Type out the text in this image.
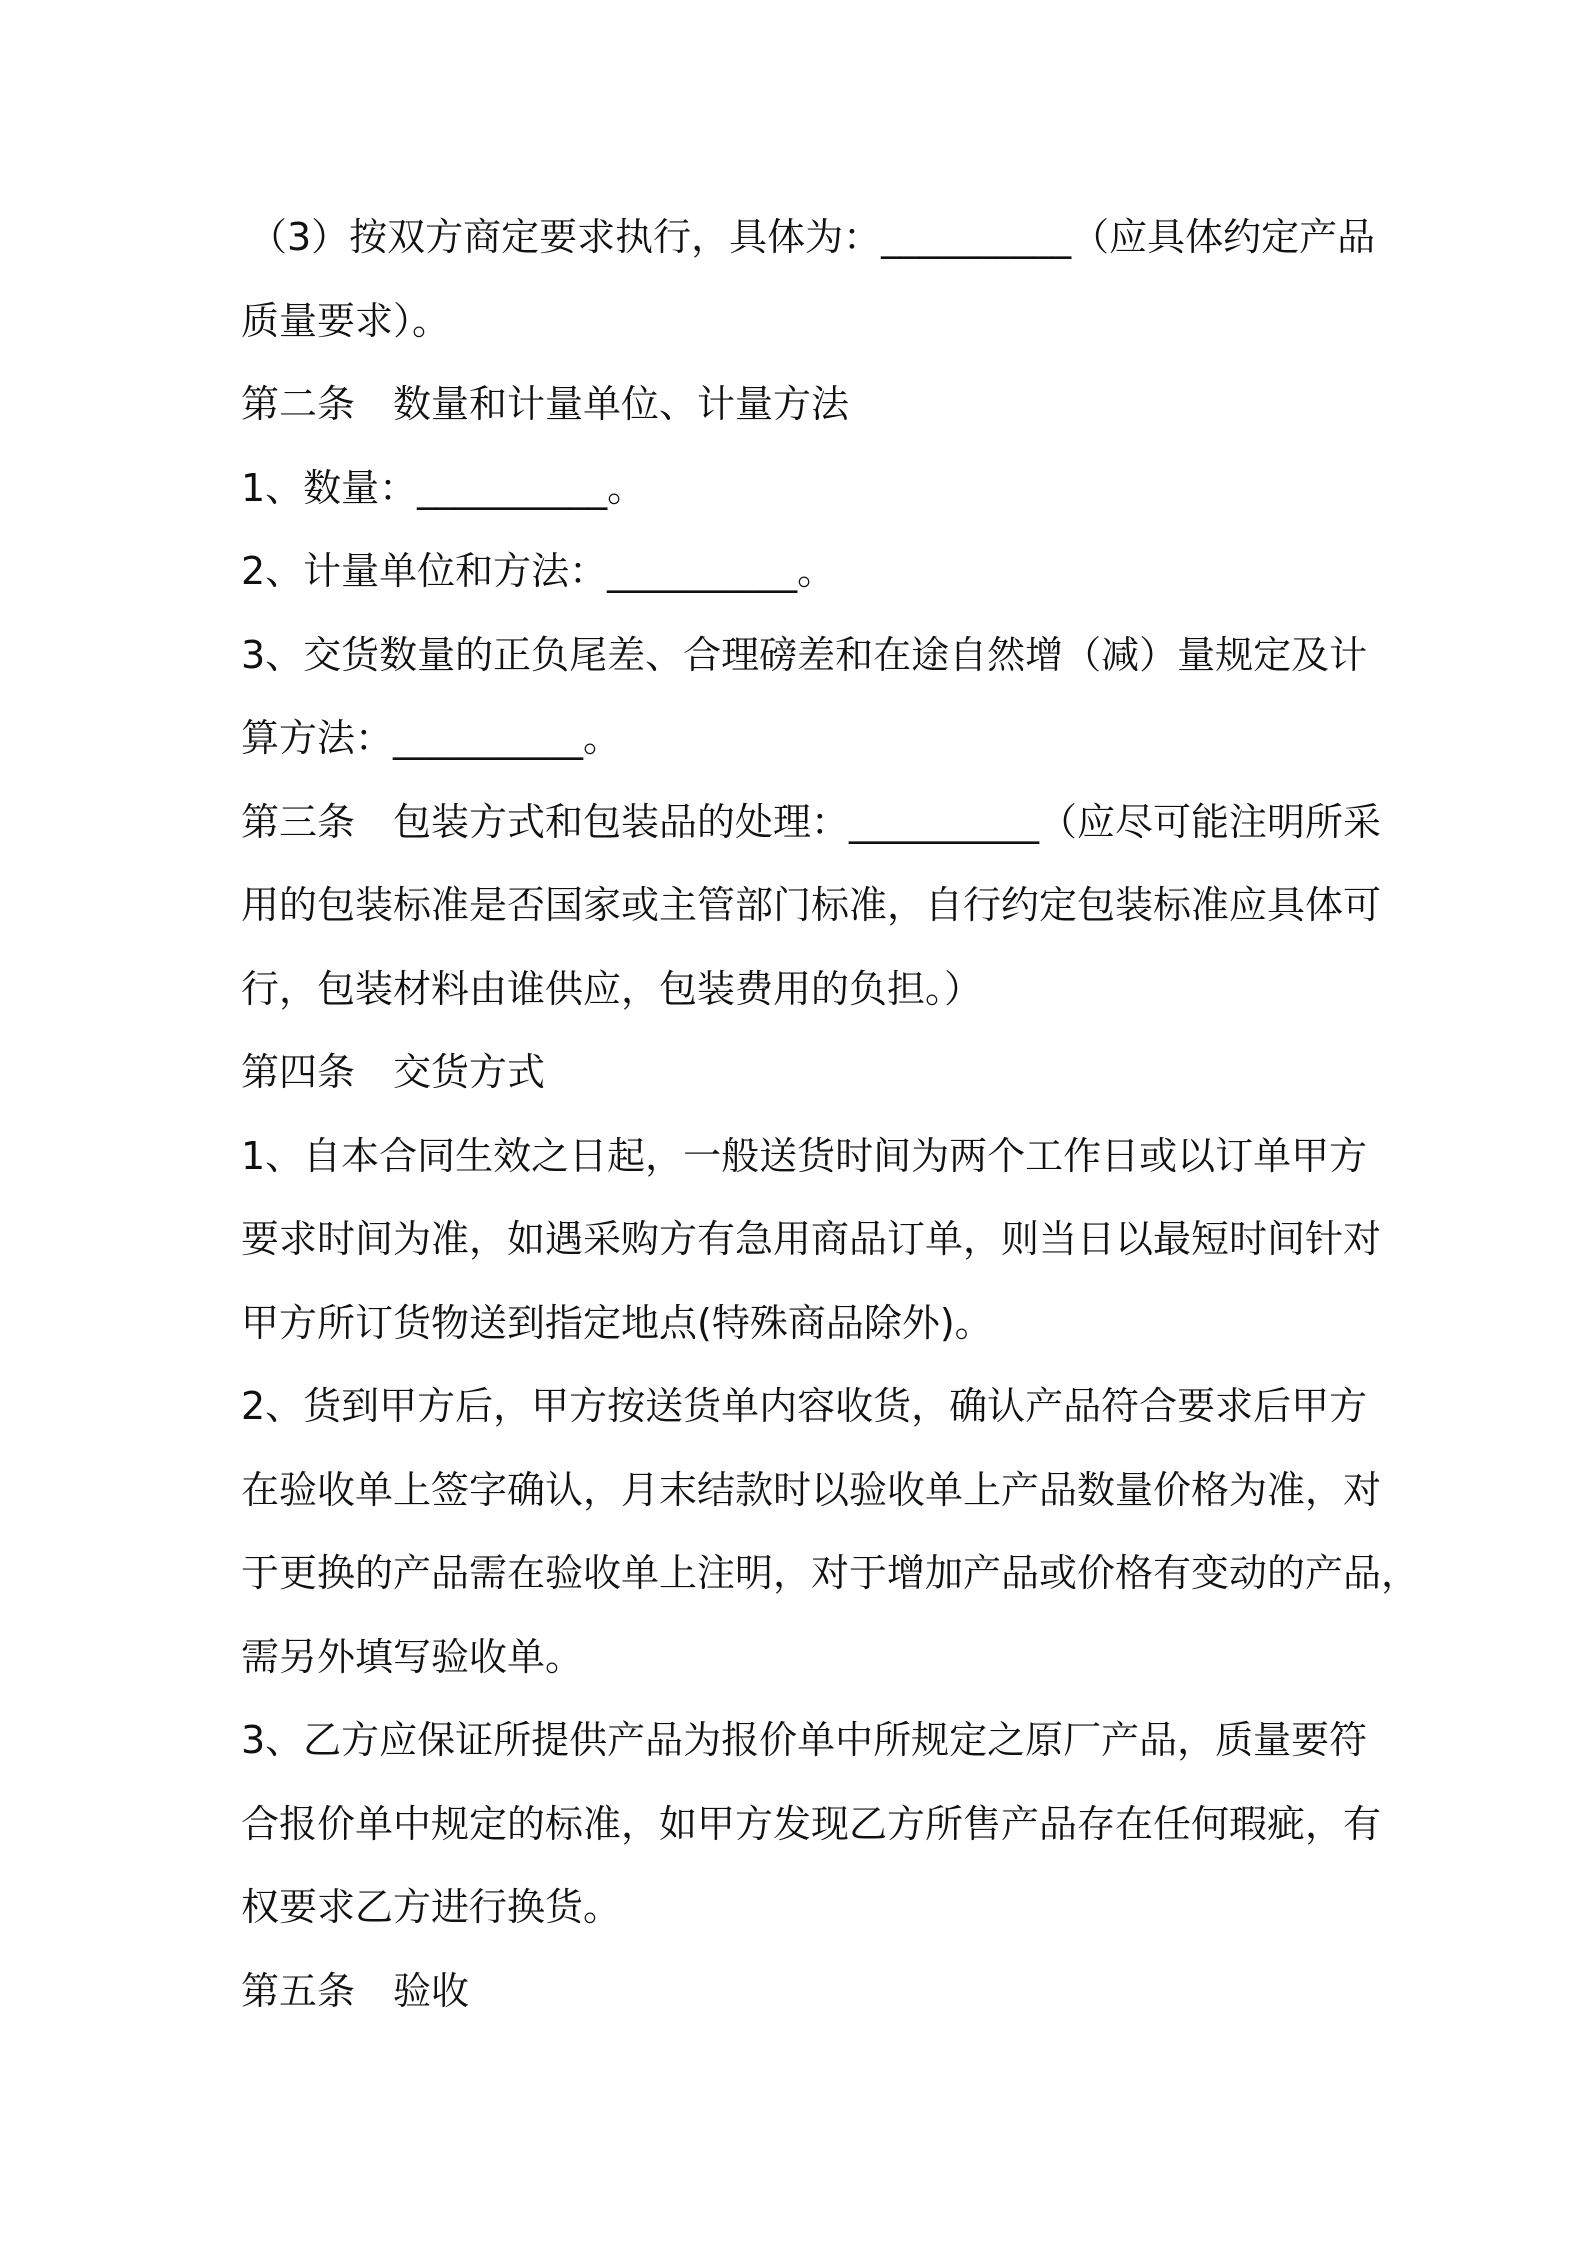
（3）按双方商定要求执行，具体为：__________（应具体约定产品
质量要求）。
第二条　数量和计量单位、计量方法
1、数量：__________。
2、计量单位和方法：__________。
3、交货数量的正负尾差、合理磅差和在途自然增（减）量规定及计
算方法：__________。
第三条　包装方式和包装品的处理：__________（应尽可能注明所采
用的包装标准是否国家或主管部门标准，自行约定包装标准应具体可
行，包装材料由谁供应，包装费用的负担。）
第四条　交货方式
1、自本合同生效之日起，一般送货时间为两个工作日或以订单甲方
要求时间为准，如遇采购方有急用商品订单，则当日以最短时间针对
甲方所订货物送到指定地点(特殊商品除外)。
2、货到甲方后，甲方按送货单内容收货，确认产品符合要求后甲方
在验收单上签字确认，月末结款时以验收单上产品数量价格为准，对
于更换的产品需在验收单上注明，对于增加产品或价格有变动的产品，
需另外填写验收单。
3、乙方应保证所提供产品为报价单中所规定之原厂产品，质量要符
合报价单中规定的标准，如甲方发现乙方所售产品存在任何瑕疵，有
权要求乙方进行换货。
第五条　验收
